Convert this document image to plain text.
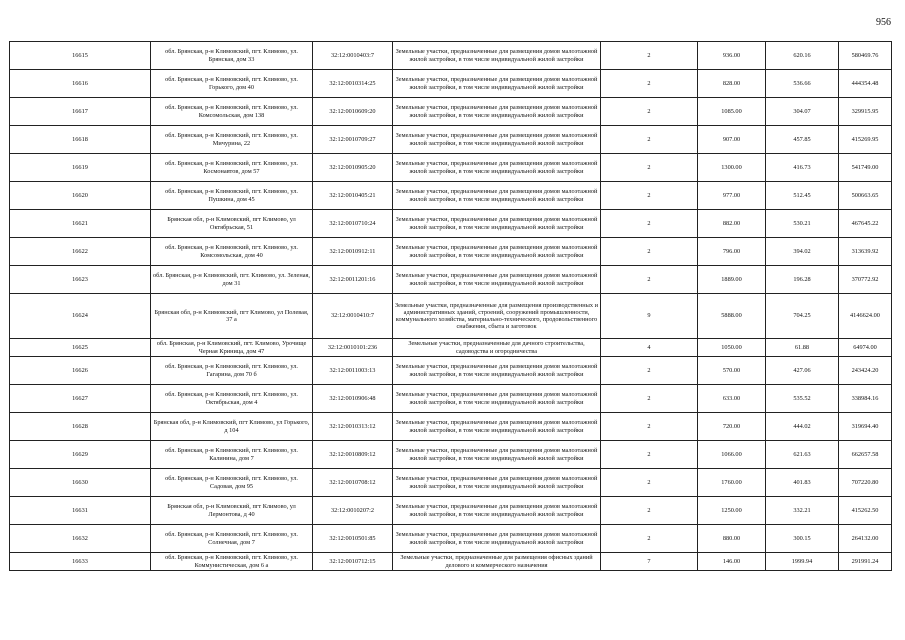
956
16615	обл. Брянская, р-н Климовский, пгт. Климово, ул. Брянская, дом 33	32:12:0010403:7	Земельные участки, предназначенные для размещения домов малоэтажной жилой застройки, в том числе индивидуальной жилой застройки	2	936.00	620.16	580469.76
16616	обл. Брянская, р-н Климовский, пгт. Климово, ул. Горького, дом 40	32:12:0010314:25	Земельные участки, предназначенные для размещения домов малоэтажной жилой застройки, в том числе индивидуальной жилой застройки	2	828.00	536.66	444354.48
16617	обл. Брянская, р-н Климовский, пгт. Климово, ул. Комсомольская, дом 138	32:12:0010609:20	Земельные участки, предназначенные для размещения домов малоэтажной жилой застройки, в том числе индивидуальной жилой застройки	2	1085.00	304.07	329915.95
16618	обл. Брянская, р-н Климовский, пгт. Климово, ул. Мичурина, 22	32:12:0010709:27	Земельные участки, предназначенные для размещения домов малоэтажной жилой застройки, в том числе индивидуальной жилой застройки	2	907.00	457.85	415269.95
16619	обл. Брянская, р-н Климовский, пгт. Климово, ул. Космонавтов, дом 57	32:12:0010905:20	Земельные участки, предназначенные для размещения домов малоэтажной жилой застройки, в том числе индивидуальной жилой застройки	2	1300.00	416.73	541749.00
16620	обл. Брянская, р-н Климовский, пгт. Климово, ул. Пушкина, дом 45	32:12:0010405:21	Земельные участки, предназначенные для размещения домов малоэтажной жилой застройки, в том числе индивидуальной жилой застройки	2	977.00	512.45	500663.65
16621	Брянская обл, р-н Климовский, пгт Климово, ул Октябрьская, 51	32:12:0010710:24	Земельные участки, предназначенные для размещения домов малоэтажной жилой застройки, в том числе индивидуальной жилой застройки	2	882.00	530.21	467645.22
16622	обл. Брянская, р-н Климовский, пгт. Климово, ул. Комсомольская, дом 40	32:12:0010912:11	Земельные участки, предназначенные для размещения домов малоэтажной жилой застройки, в том числе индивидуальной жилой застройки	2	796.00	394.02	313639.92
16623	обл. Брянская, р-н Климовский, пгт. Климово, ул. Зеленая, дом 31	32:12:0011201:16	Земельные участки, предназначенные для размещения домов малоэтажной жилой застройки, в том числе индивидуальной жилой застройки	2	1889.00	196.28	370772.92
16624	Брянская обл, р-н Климовский, пгт Климово, ул Полевая, 37 а	32:12:0010410:7	Земельные участки, предназначенные для размещения производственных и административных зданий, строений, сооружений промышленности, коммунального хозяйства, материально-технического, продовольственного снабжения, сбыта и заготовок	9	5888.00	704.25	4146624.00
16625	обл. Брянская, р-н Климовский, пгт. Климово, Урочище Черная Криница, дом 47	32:12:0010101:236	Земельные участки, предназначенные для дачного строительства, садоводства и огородничества	4	1050.00	61.88	64974.00
16626	обл. Брянская, р-н Климовский, пгт. Климово, ул. Гагарина, дом 70 б	32:12:0011003:13	Земельные участки, предназначенные для размещения домов малоэтажной жилой застройки, в том числе индивидуальной жилой застройки	2	570.00	427.06	243424.20
16627	обл. Брянская, р-н Климовский, пгт. Климово, ул. Октябрьская, дом 4	32:12:0010906:48	Земельные участки, предназначенные для размещения домов малоэтажной жилой застройки, в том числе индивидуальной жилой застройки	2	633.00	535.52	338984.16
16628	Брянская обл, р-н Климовский, пгт Климово, ул Горького, д 104	32:12:0010313:12	Земельные участки, предназначенные для размещения домов малоэтажной жилой застройки, в том числе индивидуальной жилой застройки	2	720.00	444.02	319694.40
16629	обл. Брянская, р-н Климовский, пгт. Климово, ул. Калинина, дом 7	32:12:0010809:12	Земельные участки, предназначенные для размещения домов малоэтажной жилой застройки, в том числе индивидуальной жилой застройки	2	1066.00	621.63	662657.58
16630	обл. Брянская, р-н Климовский, пгт. Климово, ул. Садовая, дом 95	32:12:0010708:12	Земельные участки, предназначенные для размещения домов малоэтажной жилой застройки, в том числе индивидуальной жилой застройки	2	1760.00	401.83	707220.80
16631	Брянская обл, р-н Климовский, пгт Климово, ул Лермонтова, д 40	32:12:0010207:2	Земельные участки, предназначенные для размещения домов малоэтажной жилой застройки, в том числе индивидуальной жилой застройки	2	1250.00	332.21	415262.50
16632	обл. Брянская, р-н Климовский, пгт. Климово, ул. Солнечная, дом 7	32:12:0010501:85	Земельные участки, предназначенные для размещения домов малоэтажной жилой застройки, в том числе индивидуальной жилой застройки	2	880.00	300.15	264132.00
16633	обл. Брянская, р-н Климовский, пгт. Климово, ул. Коммунистическая, дом 6 а	32:12:0010712:15	Земельные участки, предназначенные для размещения офисных зданий делового и коммерческого назначения	7	146.00	1999.94	291991.24
